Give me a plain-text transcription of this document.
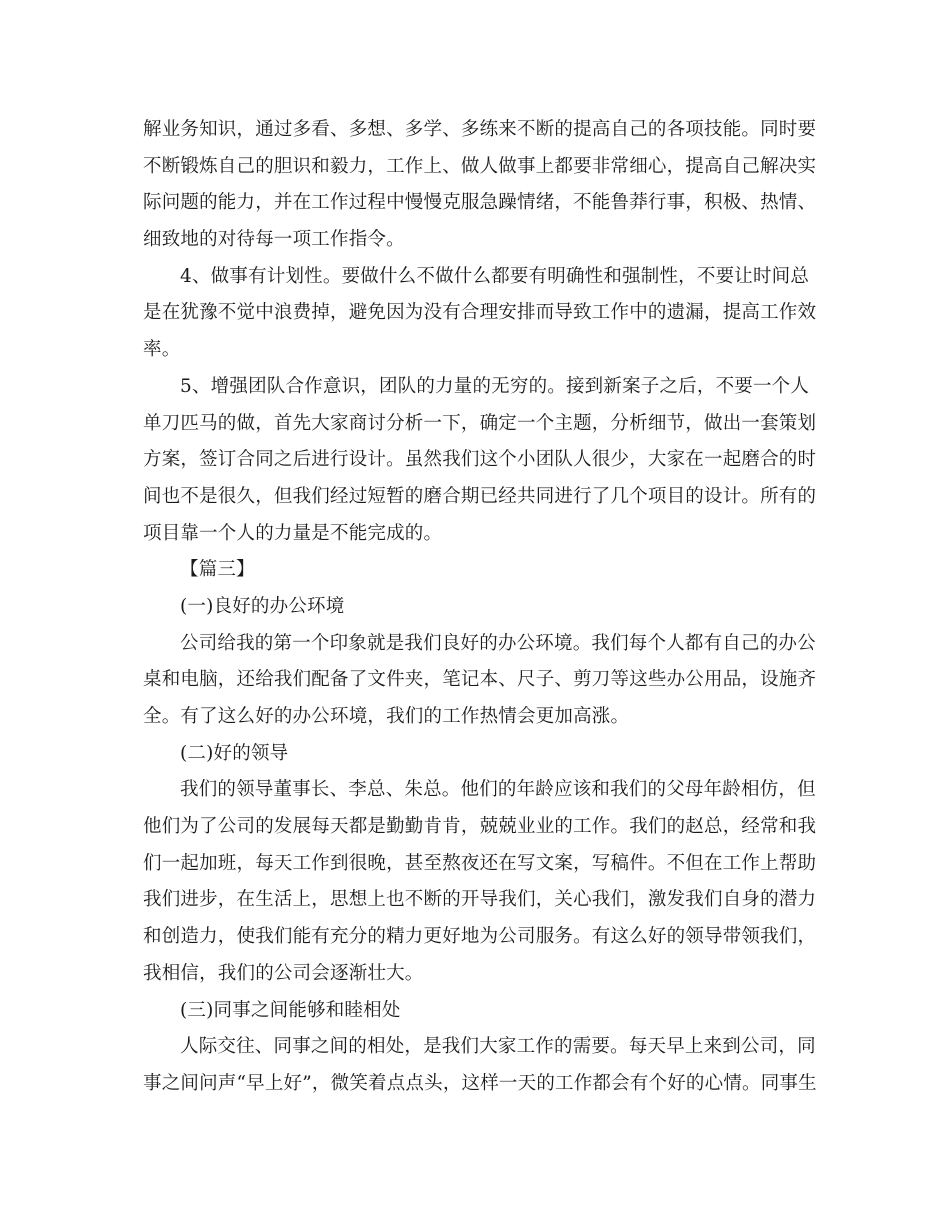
解业务知识，通过多看、多想、多学、多练来不断的提高自己的各项技能。同时要
不断锻炼自己的胆识和毅力，工作上、做人做事上都要非常细心，提高自己解决实
际问题的能力，并在工作过程中慢慢克服急躁情绪，不能鲁莽行事，积极、热情、
细致地的对待每一项工作指令。
4、做事有计划性。要做什么不做什么都要有明确性和强制性，不要让时间总
是在犹豫不觉中浪费掉，避免因为没有合理安排而导致工作中的遗漏，提高工作效
率。
5、增强团队合作意识，团队的力量的无穷的。接到新案子之后，不要一个人
单刀匹马的做，首先大家商讨分析一下，确定一个主题，分析细节，做出一套策划
方案，签订合同之后进行设计。虽然我们这个小团队人很少，大家在一起磨合的时
间也不是很久，但我们经过短暂的磨合期已经共同进行了几个项目的设计。所有的
项目靠一个人的力量是不能完成的。
【篇三】
(一)良好的办公环境
公司给我的第一个印象就是我们良好的办公环境。我们每个人都有自己的办公
桌和电脑，还给我们配备了文件夹，笔记本、尺子、剪刀等这些办公用品，设施齐
全。有了这么好的办公环境，我们的工作热情会更加高涨。
(二)好的领导
我们的领导董事长、李总、朱总。他们的年龄应该和我们的父母年龄相仿，但
他们为了公司的发展每天都是勤勤肯肯，兢兢业业的工作。我们的赵总，经常和我
们一起加班，每天工作到很晚，甚至熬夜还在写文案，写稿件。不但在工作上帮助
我们进步，在生活上，思想上也不断的开导我们，关心我们，激发我们自身的潜力
和创造力，使我们能有充分的精力更好地为公司服务。有这么好的领导带领我们，
我相信，我们的公司会逐渐壮大。
(三)同事之间能够和睦相处
人际交往、同事之间的相处，是我们大家工作的需要。每天早上来到公司，同
事之间问声“早上好”，微笑着点点头，这样一天的工作都会有个好的心情。同事生
